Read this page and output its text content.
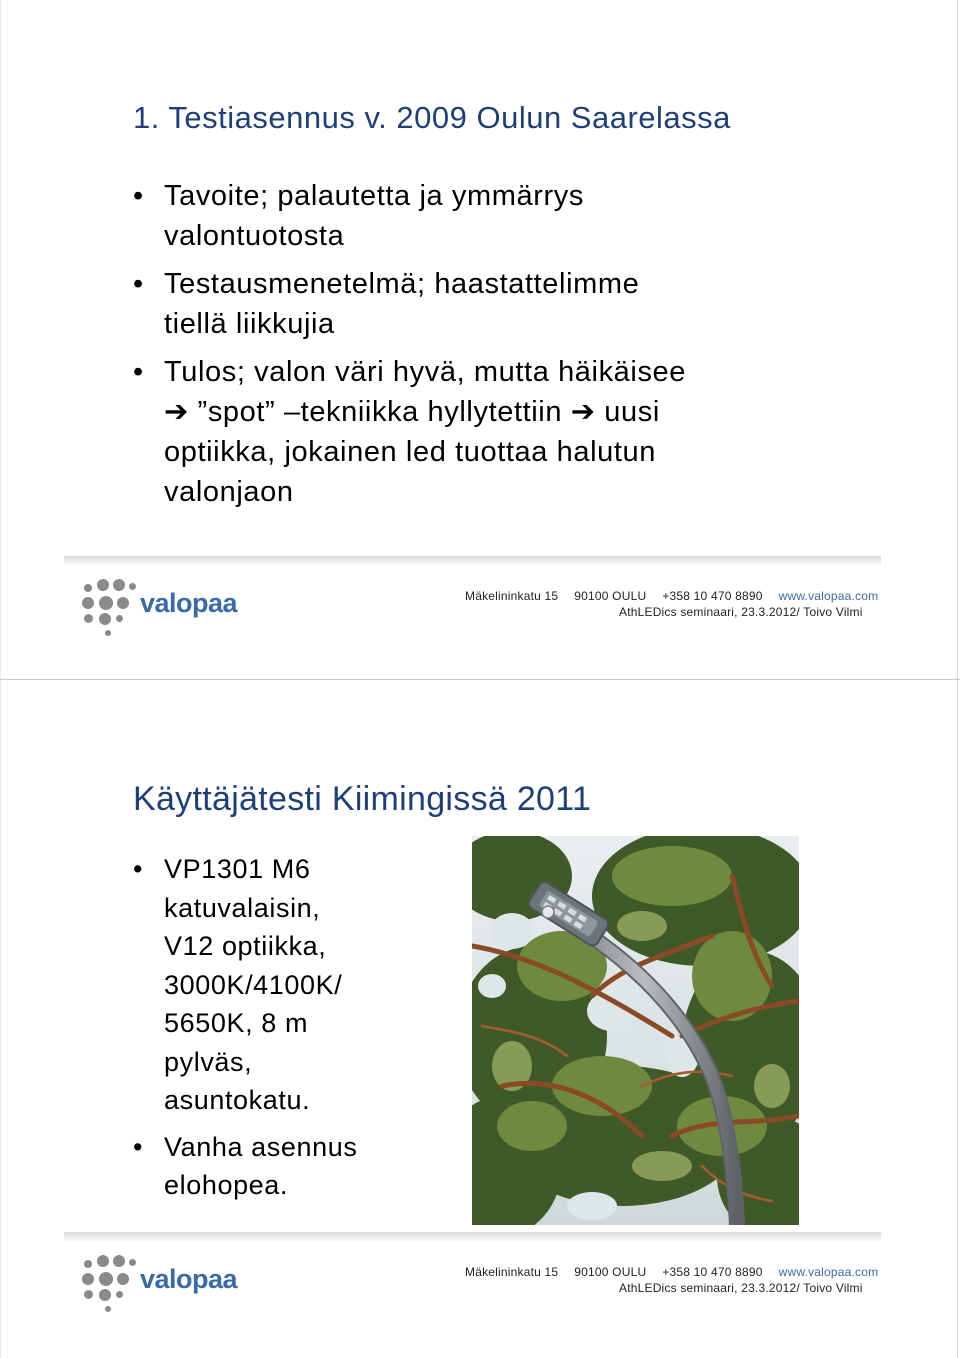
1. Testiasennus v. 2009 Oulun Saarelassa
• Tavoite; palautetta ja ymmärrys
valontuotosta
• Testausmenetelmä; haastattelimme
tiellä liikkujia
• Tulos; valon väri hyvä, mutta häikäisee
➔ ”spot” –tekniikka hyllytettiin ➔ uusi
optiikka, jokainen led tuottaa halutun
valonjaon
valopaa	Mäkelininkatu 15 90100 OULU +358 10 470 8890 www.valopaa.com
AthLEDics seminaari, 23.3.2012/ Toivo Vilmi
Käyttäjätesti Kiimingissä 2011
• VP1301 M6
katuvalaisin,
V12 optiikka,
3000K/4100K/
5650K, 8 m
pylväs,
asuntokatu.
• Vanha asennus
elohopea.
valopaa	Mäkelininkatu 15 90100 OULU +358 10 470 8890 www.valopaa.com
AthLEDics seminaari, 23.3.2012/ Toivo Vilmi
